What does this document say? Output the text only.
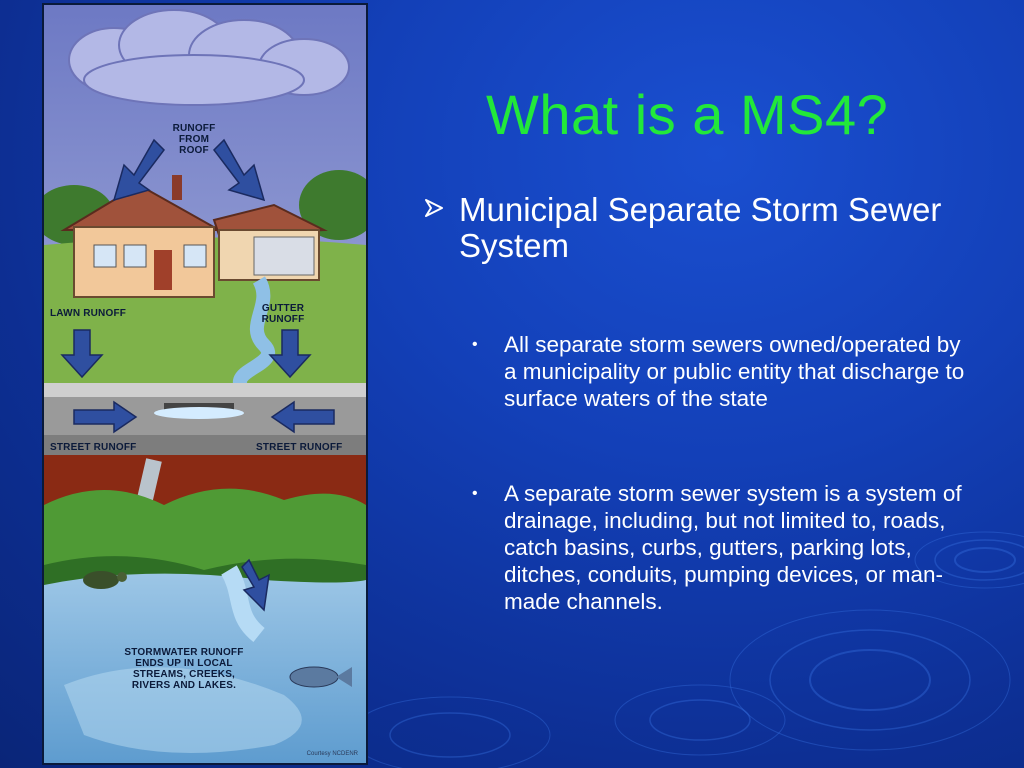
RUNOFF
FROM
ROOF
LAWN RUNOFF	GUTTER
RUNOFF
STREET RUNOFF	STREET RUNOFF
STORMWATER RUNOFF
ENDS UP IN LOCAL
STREAMS, CREEKS,
RIVERS AND LAKES.
Courtesy NCDENR
What is a MS4?
Municipal Separate Storm Sewer System
• All separate storm sewers owned/operated by a municipality or public entity that discharge to surface waters of the state
• A separate storm sewer system is a system of drainage, including, but not limited to, roads, catch basins, curbs, gutters, parking lots, ditches, conduits, pumping devices, or man-made channels.
